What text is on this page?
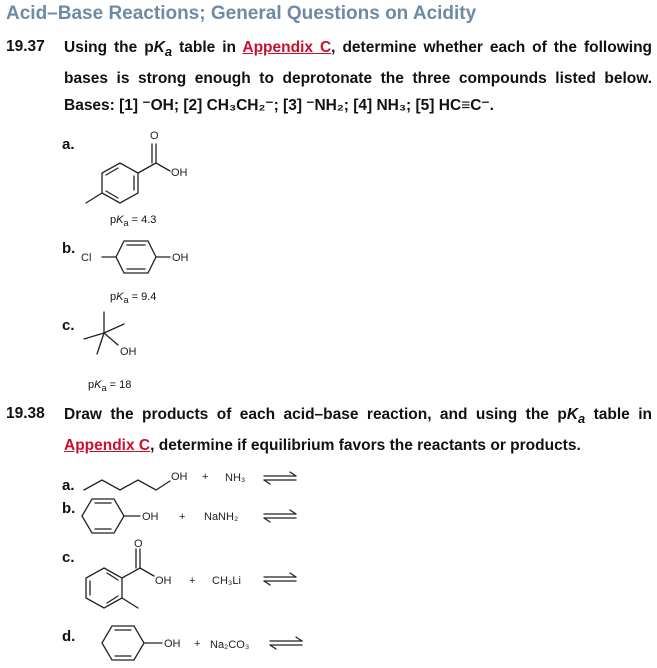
Acid–Base Reactions; General Questions on Acidity
19.37 Using the $pK_a$ table in Appendix C, determine whether each of the following bases is strong enough to deprotonate the three compounds listed below. Bases: [1] ⁻OH; [2] CH₃CH₂⁻; [3] ⁻NH₂; [4] NH₃; [5] HC≡C⁻.
a.
b.
c.
$pK_a = 4.3$
$pK_a = 9.4$
$pK_a = 18$
19.38 Draw the products of each acid–base reaction, and using the $pK_a$ table in Appendix C, determine if equilibrium favors the reactants or products.
a.
b.
c.
d.
O
OH
Cl	OH
OH
OH + NH₃
OH + NaNH₂
O
OH + CH₃Li
OH + Na₂CO₃
